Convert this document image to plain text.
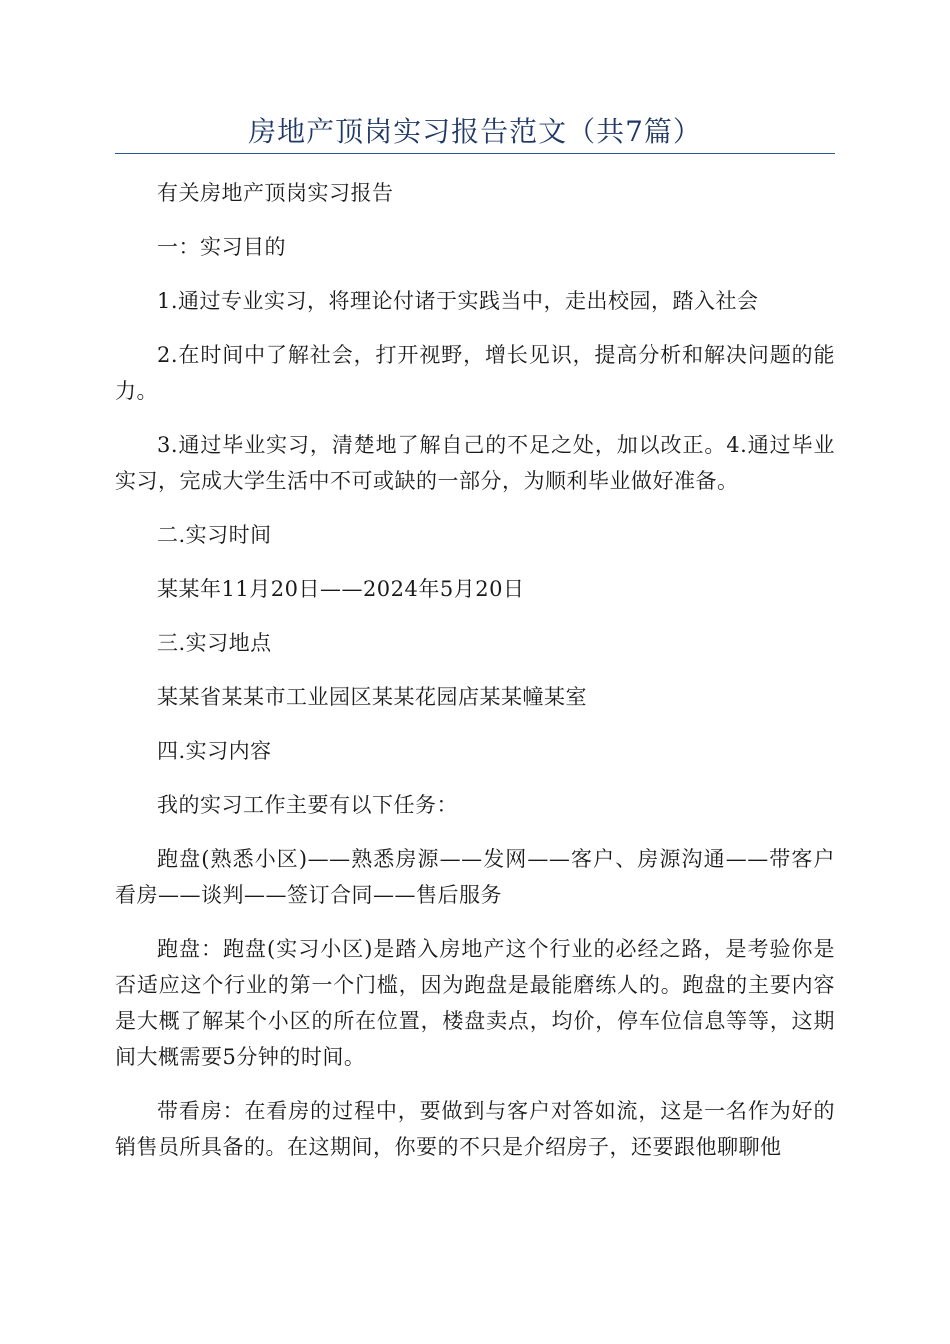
房地产顶岗实习报告范文（共7篇）

有关房地产顶岗实习报告

一：实习目的

1.通过专业实习，将理论付诸于实践当中，走出校园，踏入社会

2.在时间中了解社会，打开视野，增长见识，提高分析和解决问题的能力。

3.通过毕业实习，清楚地了解自己的不足之处，加以改正。4.通过毕业实习，完成大学生活中不可或缺的一部分，为顺利毕业做好准备。

二.实习时间

某某年11月20日——2024年5月20日

三.实习地点

某某省某某市工业园区某某花园店某某幢某室

四.实习内容

我的实习工作主要有以下任务：

跑盘(熟悉小区)——熟悉房源——发网——客户、房源沟通——带客户看房——谈判——签订合同——售后服务

跑盘：跑盘(实习小区)是踏入房地产这个行业的必经之路，是考验你是否适应这个行业的第一个门槛，因为跑盘是最能磨练人的。跑盘的主要内容是大概了解某个小区的所在位置，楼盘卖点，均价，停车位信息等等，这期间大概需要5分钟的时间。

带看房：在看房的过程中，要做到与客户对答如流，这是一名作为好的销售员所具备的。在这期间，你要的不只是介绍房子，还要跟他聊聊他
